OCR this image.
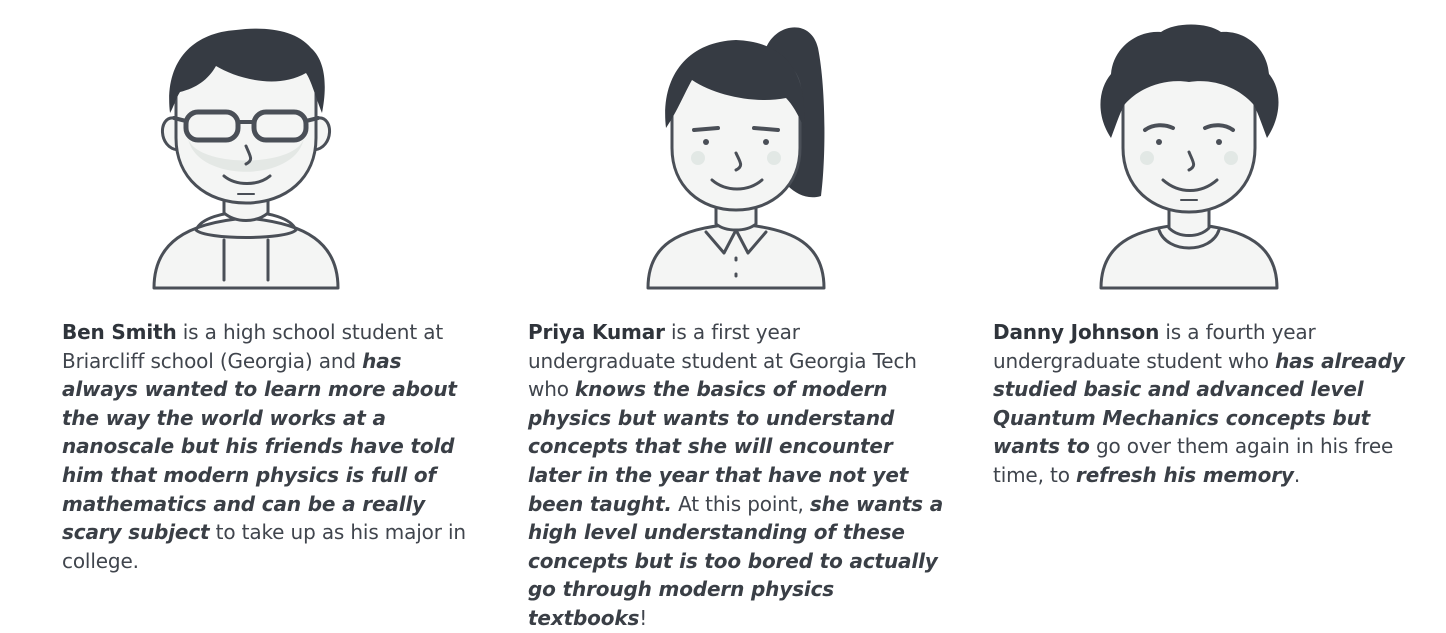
Ben Smith is a high school student at Briarcliff school (Georgia) and has always wanted to learn more about the way the world works at a nanoscale but his friends have told him that modern physics is full of mathematics and can be a really scary subject to take up as his major in college.
Priya Kumar is a first year undergraduate student at Georgia Tech who knows the basics of modern physics but wants to understand concepts that she will encounter later in the year that have not yet been taught. At this point, she wants a high level understanding of these concepts but is too bored to actually go through modern physics textbooks!
Danny Johnson is a fourth year undergraduate student who has already studied basic and advanced level Quantum Mechanics concepts but wants to go over them again in his free time, to refresh his memory.
